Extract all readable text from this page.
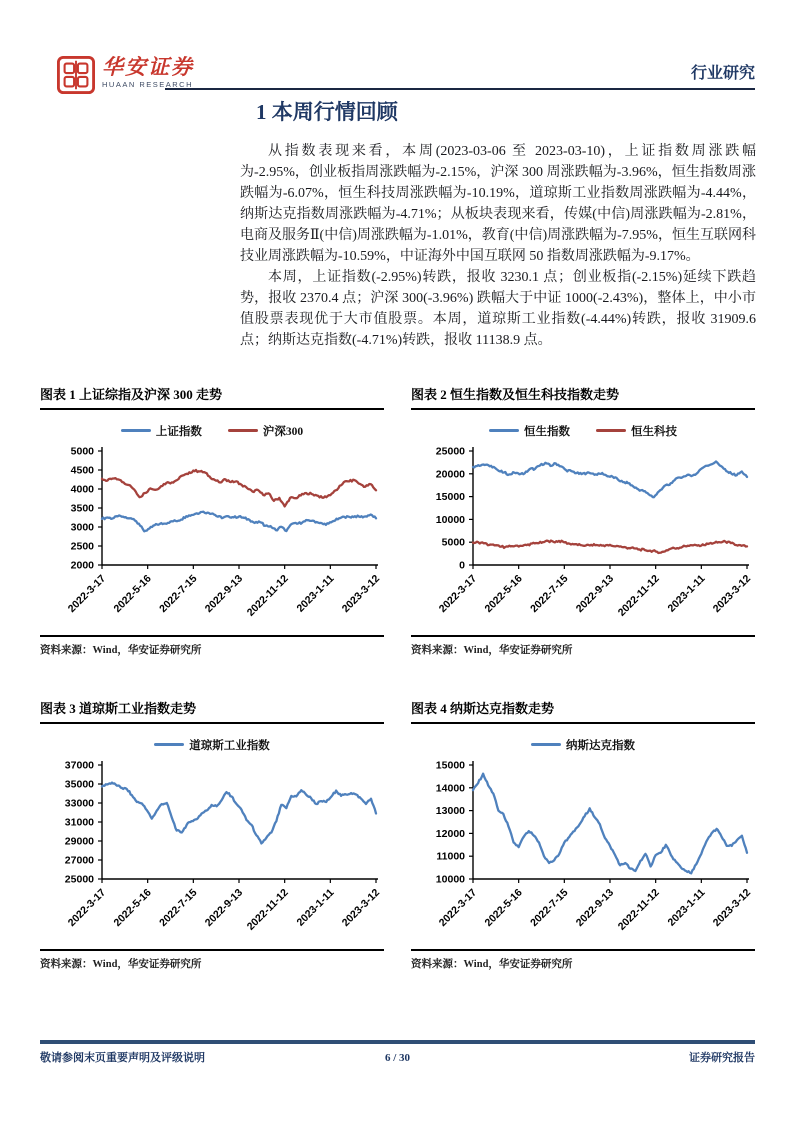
华安证券
HUAAN RESEARCH
行业研究
1 本周行情回顾

从指数表现来看，本周(2023-03-06 至 2023-03-10)，上证指数周涨跌幅为-2.95%，创业板指周涨跌幅为-2.15%，沪深 300 周涨跌幅为-3.96%，恒生指数周涨跌幅为-6.07%，恒生科技周涨跌幅为-10.19%，道琼斯工业指数周涨跌幅为-4.44%，纳斯达克指数周涨跌幅为-4.71%；从板块表现来看，传媒(中信)周涨跌幅为-2.81%，电商及服务Ⅱ(中信)周涨跌幅为-1.01%，教育(中信)周涨跌幅为-7.95%，恒生互联网科技业周涨跌幅为-10.59%，中证海外中国互联网 50 指数周涨跌幅为-9.17%。

本周，上证指数(-2.95%)转跌，报收 3230.1 点；创业板指(-2.15%)延续下跌趋势，报收 2370.4 点；沪深 300(-3.96%) 跌幅大于中证 1000(-2.43%)，整体上，中小市值股票表现优于大市值股票。本周，道琼斯工业指数(-4.44%)转跌，报收 31909.6 点；纳斯达克指数(-4.71%)转跌，报收 11138.9 点。

图表 1 上证综指及沪深 300 走势
上证指数	沪深300
2000
2500
3000
3500
4000
4500
5000
2022-3-17 2022-5-16 2022-7-15 2022-9-13 2022-11-12 2023-1-11 2023-3-12
资料来源：Wind，华安证券研究所
图表 2 恒生指数及恒生科技指数走势
恒生指数	恒生科技
0
5000
10000
15000
20000
25000
2022-3-17 2022-5-16 2022-7-15 2022-9-13 2022-11-12 2023-1-11 2023-3-12
资料来源：Wind，华安证券研究所
图表 3 道琼斯工业指数走势
道琼斯工业指数
25000
27000
29000
31000
33000
35000
37000
2022-3-17 2022-5-16 2022-7-15 2022-9-13 2022-11-12 2023-1-11 2023-3-12
资料来源：Wind，华安证券研究所
图表 4 纳斯达克指数走势
纳斯达克指数
10000
11000
12000
13000
14000
15000
2022-3-17 2022-5-16 2022-7-15 2022-9-13 2022-11-12 2023-1-11 2023-3-12
资料来源：Wind，华安证券研究所
敬请参阅末页重要声明及评级说明	6 / 30	证券研究报告
